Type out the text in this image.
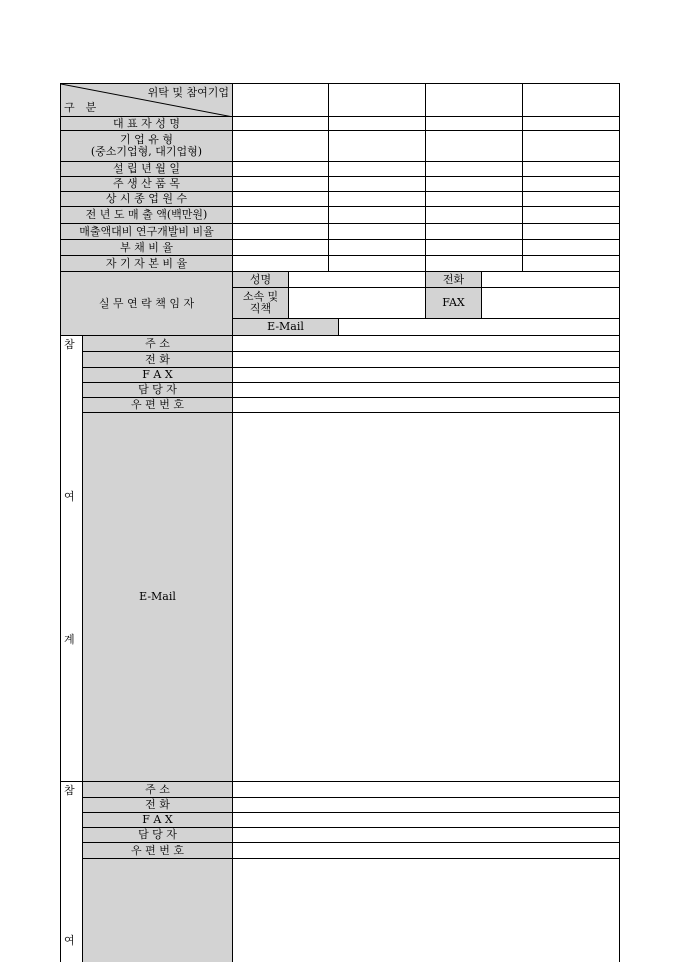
위탁 및 참여기업
구　분
대 표 자 성 명
기 업 유 형
(중소기업형, 대기업형)
설 립 년 월 일
주 생 산 품 목
상 시 종 업 원 수
전 년 도 매 출 액(백만원)
매출액대비 연구개발비 비율
부 채 비 율
자 기 자 본 비 율
실 무 연 락 책 임 자
성명
소속 및
직책
전화
FAX
E-Mail
참
여
계
주 소
전 화
F A X
담 당 자
우 편 번 호
E-Mail
참
여
주 소
전 화
F A X
담 당 자
우 편 번 호
